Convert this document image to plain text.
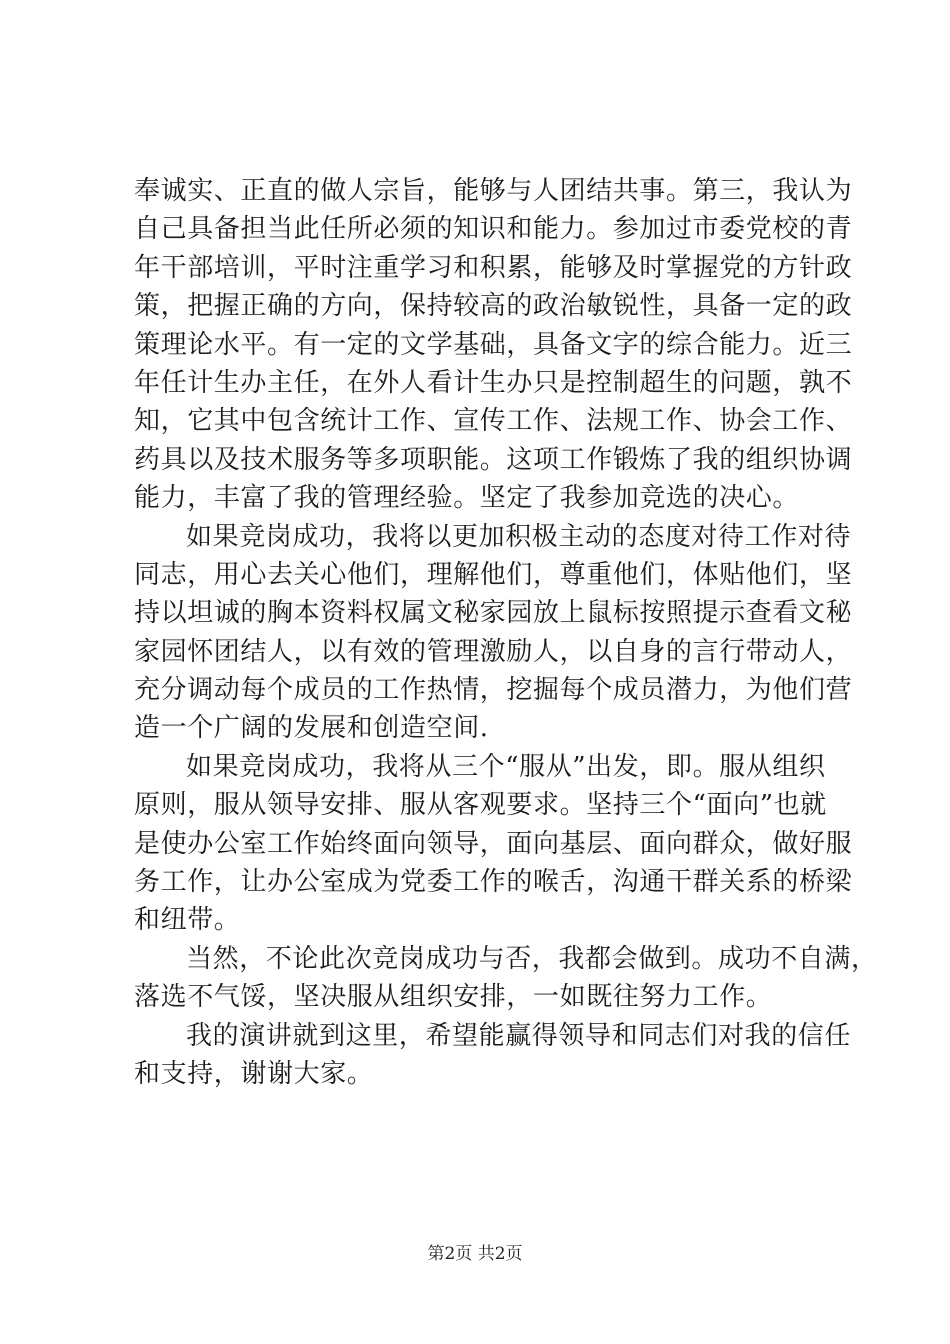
奉诚实、正直的做人宗旨，能够与人团结共事。第三，我认为
自己具备担当此任所必须的知识和能力。参加过市委党校的青
年干部培训，平时注重学习和积累，能够及时掌握党的方针政
策，把握正确的方向，保持较高的政治敏锐性，具备一定的政
策理论水平。有一定的文学基础，具备文字的综合能力。近三
年任计生办主任，在外人看计生办只是控制超生的问题，孰不
知，它其中包含统计工作、宣传工作、法规工作、协会工作、
药具以及技术服务等多项职能。这项工作锻炼了我的组织协调
能力，丰富了我的管理经验。坚定了我参加竞选的决心。
如果竞岗成功，我将以更加积极主动的态度对待工作对待
同志，用心去关心他们，理解他们，尊重他们，体贴他们，坚
持以坦诚的胸本资料权属文秘家园放上鼠标按照提示查看文秘
家园怀团结人，以有效的管理激励人，以自身的言行带动人，
充分调动每个成员的工作热情，挖掘每个成员潜力，为他们营
造一个广阔的发展和创造空间.
如果竞岗成功，我将从三个“服从”出发，即。服从组织
原则，服从领导安排、服从客观要求。坚持三个“面向”也就
是使办公室工作始终面向领导，面向基层、面向群众，做好服
务工作，让办公室成为党委工作的喉舌，沟通干群关系的桥梁
和纽带。
当然，不论此次竞岗成功与否，我都会做到。成功不自满，
落选不气馁，坚决服从组织安排，一如既往努力工作。
我的演讲就到这里，希望能赢得领导和同志们对我的信任
和支持，谢谢大家。
第2页 共2页
